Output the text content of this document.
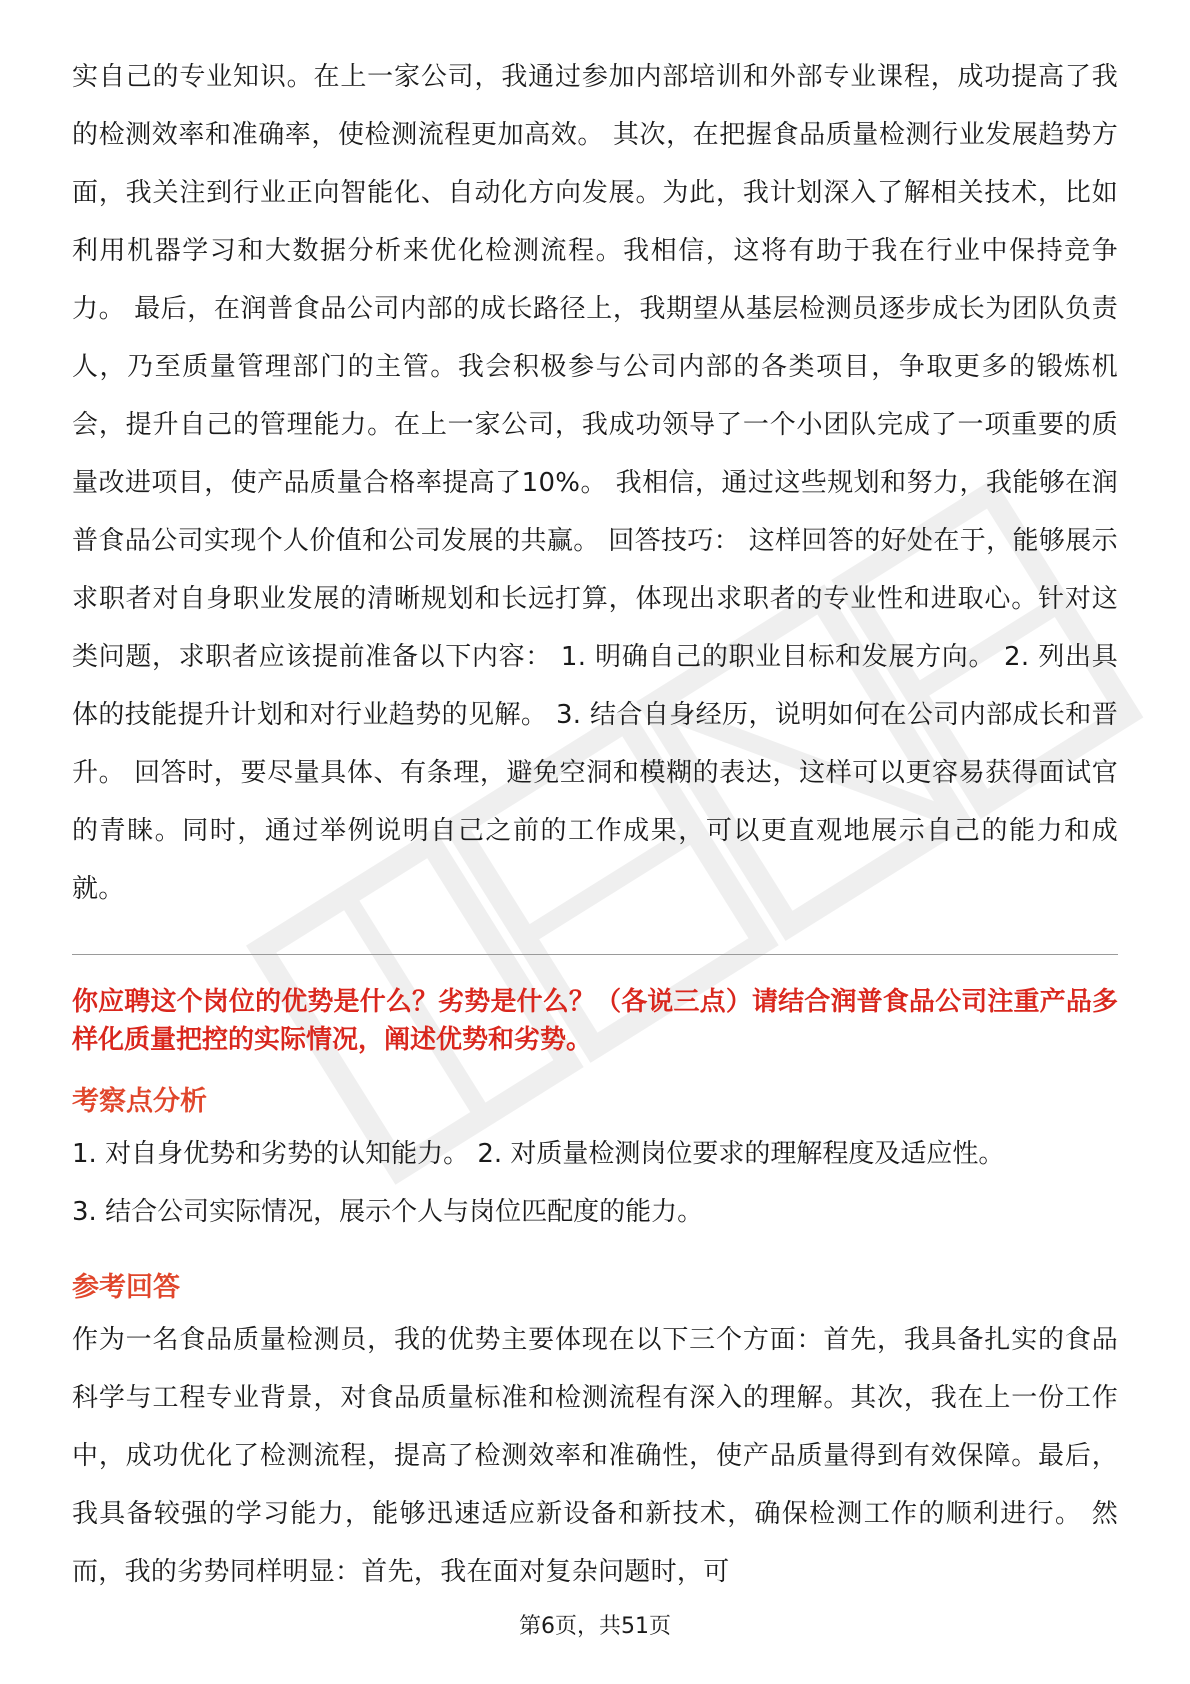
实自己的专业知识。在上一家公司，我通过参加内部培训和外部专业课程，成功提高了我的检测效率和准确率，使检测流程更加高效。 其次，在把握食品质量检测行业发展趋势方面，我关注到行业正向智能化、自动化方向发展。为此，我计划深入了解相关技术，比如利用机器学习和大数据分析来优化检测流程。我相信，这将有助于我在行业中保持竞争力。 最后，在润普食品公司内部的成长路径上，我期望从基层检测员逐步成长为团队负责人，乃至质量管理部门的主管。我会积极参与公司内部的各类项目，争取更多的锻炼机会，提升自己的管理能力。在上一家公司，我成功领导了一个小团队完成了一项重要的质量改进项目，使产品质量合格率提高了10%。 我相信，通过这些规划和努力，我能够在润普食品公司实现个人价值和公司发展的共赢。 回答技巧： 这样回答的好处在于，能够展示求职者对自身职业发展的清晰规划和长远打算，体现出求职者的专业性和进取心。针对这类问题，求职者应该提前准备以下内容： 1. 明确自己的职业目标和发展方向。 2. 列出具体的技能提升计划和对行业趋势的见解。 3. 结合自身经历，说明如何在公司内部成长和晋升。 回答时，要尽量具体、有条理，避免空洞和模糊的表达，这样可以更容易获得面试官的青睐。同时，通过举例说明自己之前的工作成果，可以更直观地展示自己的能力和成就。

你应聘这个岗位的优势是什么？劣势是什么？（各说三点）请结合润普食品公司注重产品多样化质量把控的实际情况，阐述优势和劣势。

考察点分析

1. 对自身优势和劣势的认知能力。 2. 对质量检测岗位要求的理解程度及适应性。

3. 结合公司实际情况，展示个人与岗位匹配度的能力。

参考回答

作为一名食品质量检测员，我的优势主要体现在以下三个方面：首先，我具备扎实的食品科学与工程专业背景，对食品质量标准和检测流程有深入的理解。其次，我在上一份工作中，成功优化了检测流程，提高了检测效率和准确性，使产品质量得到有效保障。最后，我具备较强的学习能力，能够迅速适应新设备和新技术，确保检测工作的顺利进行。 然而，我的劣势同样明显：首先，我在面对复杂问题时，可

第6页，共51页
